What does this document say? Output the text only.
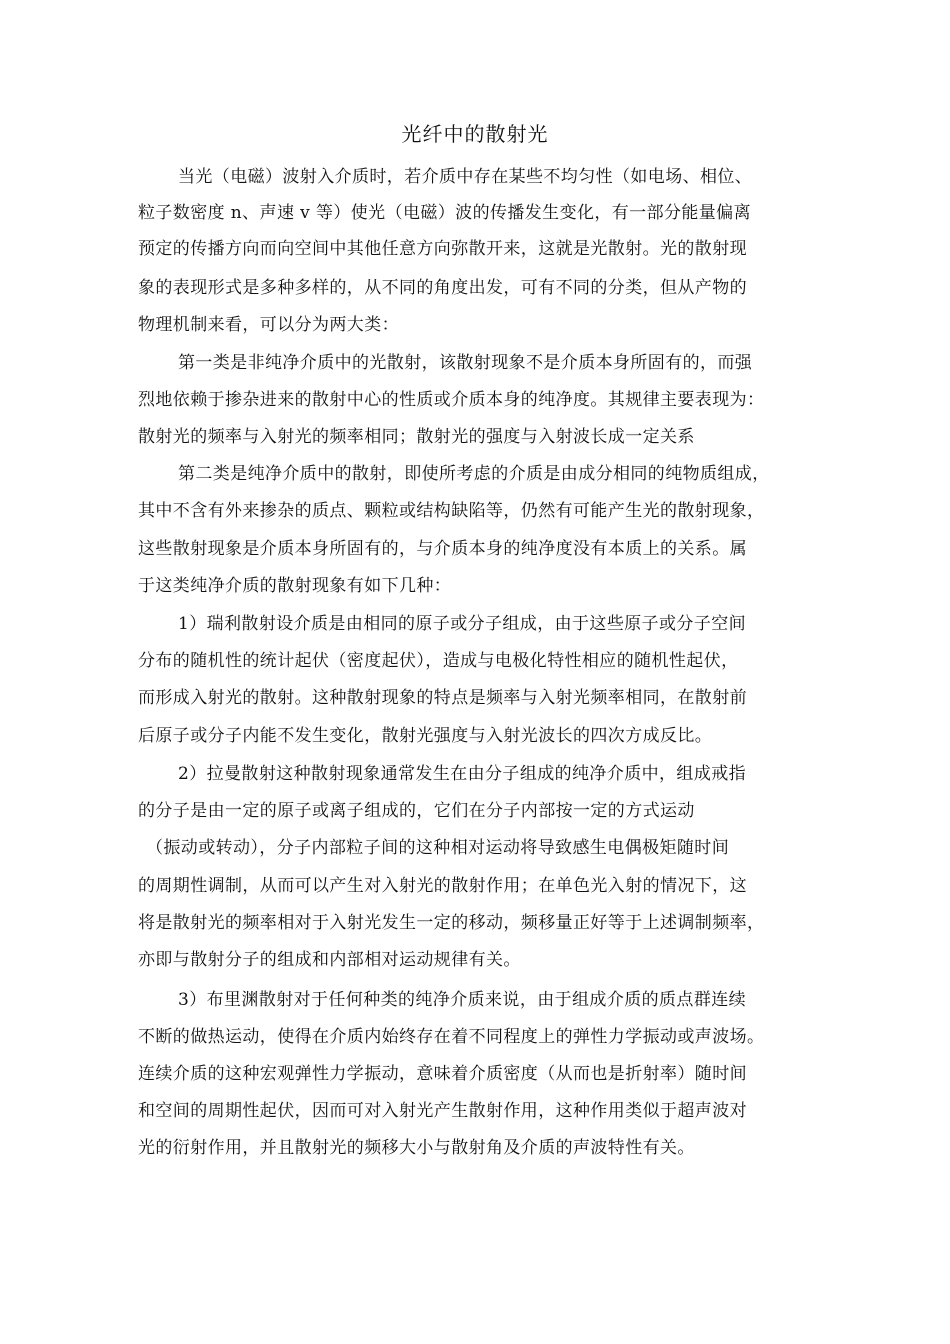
光纤中的散射光
当光（电磁）波射入介质时，若介质中存在某些不均匀性（如电场、相位、
粒子数密度 n、声速 v 等）使光（电磁）波的传播发生变化，有一部分能量偏离
预定的传播方向而向空间中其他任意方向弥散开来，这就是光散射。光的散射现
象的表现形式是多种多样的，从不同的角度出发，可有不同的分类，但从产物的
物理机制来看，可以分为两大类：
第一类是非纯净介质中的光散射，该散射现象不是介质本身所固有的，而强
烈地依赖于掺杂进来的散射中心的性质或介质本身的纯净度。其规律主要表现为：
散射光的频率与入射光的频率相同；散射光的强度与入射波长成一定关系
第二类是纯净介质中的散射，即使所考虑的介质是由成分相同的纯物质组成，
其中不含有外来掺杂的质点、颗粒或结构缺陷等，仍然有可能产生光的散射现象，
这些散射现象是介质本身所固有的，与介质本身的纯净度没有本质上的关系。属
于这类纯净介质的散射现象有如下几种：
1）瑞利散射设介质是由相同的原子或分子组成，由于这些原子或分子空间
分布的随机性的统计起伏（密度起伏），造成与电极化特性相应的随机性起伏，
而形成入射光的散射。这种散射现象的特点是频率与入射光频率相同，在散射前
后原子或分子内能不发生变化，散射光强度与入射光波长的四次方成反比。
2）拉曼散射这种散射现象通常发生在由分子组成的纯净介质中，组成戒指
的分子是由一定的原子或离子组成的，它们在分子内部按一定的方式运动
（振动或转动），分子内部粒子间的这种相对运动将导致感生电偶极矩随时间
的周期性调制，从而可以产生对入射光的散射作用；在单色光入射的情况下，这
将是散射光的频率相对于入射光发生一定的移动，频移量正好等于上述调制频率，
亦即与散射分子的组成和内部相对运动规律有关。
3）布里渊散射对于任何种类的纯净介质来说，由于组成介质的质点群连续
不断的做热运动，使得在介质内始终存在着不同程度上的弹性力学振动或声波场。
连续介质的这种宏观弹性力学振动，意味着介质密度（从而也是折射率）随时间
和空间的周期性起伏，因而可对入射光产生散射作用，这种作用类似于超声波对
光的衍射作用，并且散射光的频移大小与散射角及介质的声波特性有关。
